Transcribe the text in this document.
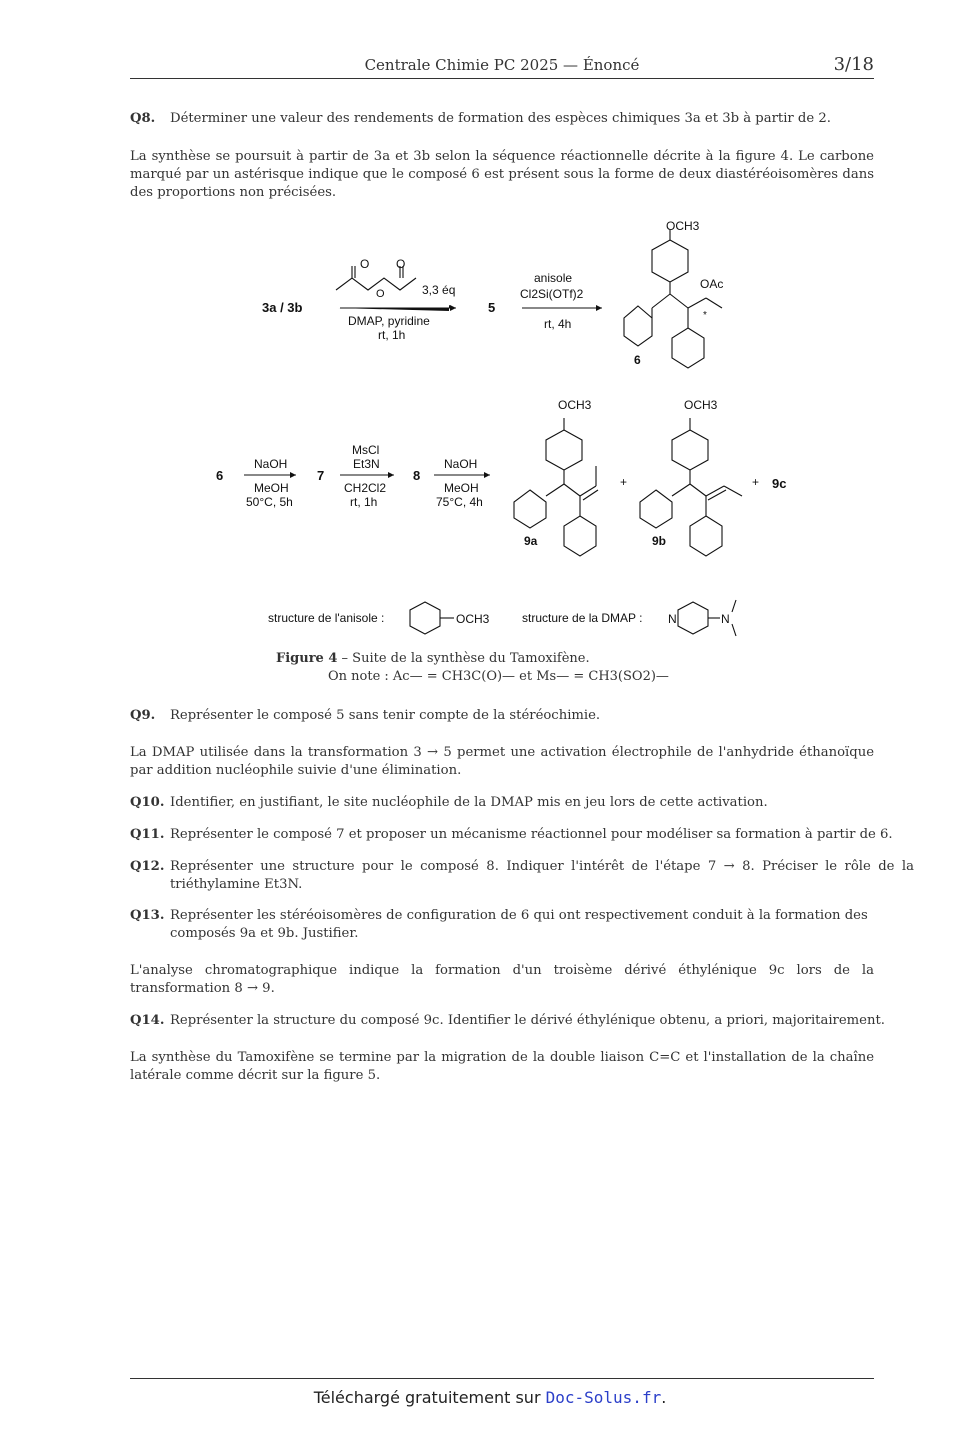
Centrale Chimie PC 2025 — Énoncé	3/18
Q8. Déterminer une valeur des rendements de formation des espèces chimiques 3a et 3b à partir de 2.
La synthèse se poursuit à partir de 3a et 3b selon la séquence réactionnelle décrite à la figure 4. Le carbone marqué par un astérisque indique que le composé 6 est présent sous la forme de deux diastéréoisomères dans des proportions non précisées.
O O
O	3,3 éq
3a / 3b
DMAP, pyridine
rt, 1h
5
anisole
Cl2Si(OTf)2
rt, 4h
OCH3
OAc
*
6
6
NaOH
MeOH
50°C, 5h
7
MsCl
Et3N
CH2Cl2
rt, 1h
8
NaOH
MeOH
75°C, 4h
OCH3	OCH3
+	+ 9c
9a	9b
structure de l'anisole :	OCH3	structure de la DMAP : N	N
Figure 4 – Suite de la synthèse du Tamoxifène.
On note : Ac— = CH3C(O)— et Ms— = CH3(SO2)—
Q9. Représenter le composé 5 sans tenir compte de la stéréochimie.
La DMAP utilisée dans la transformation 3 → 5 permet une activation électrophile de l'anhydride éthanoïque par addition nucléophile suivie d'une élimination.
Q10. Identifier, en justifiant, le site nucléophile de la DMAP mis en jeu lors de cette activation.
Q11. Représenter le composé 7 et proposer un mécanisme réactionnel pour modéliser sa formation à partir de 6.
Q12. Représenter une structure pour le composé 8. Indiquer l'intérêt de l'étape 7 → 8. Préciser le rôle de la triéthylamine Et3N.
Q13. Représenter les stéréoisomères de configuration de 6 qui ont respectivement conduit à la formation des composés 9a et 9b. Justifier.
L'analyse chromatographique indique la formation d'un troisème dérivé éthylénique 9c lors de la transformation 8 → 9.
Q14. Représenter la structure du composé 9c. Identifier le dérivé éthylénique obtenu, a priori, majoritairement.
La synthèse du Tamoxifène se termine par la migration de la double liaison C=C et l'installation de la chaîne latérale comme décrit sur la figure 5.
Téléchargé gratuitement sur Doc-Solus.fr.
